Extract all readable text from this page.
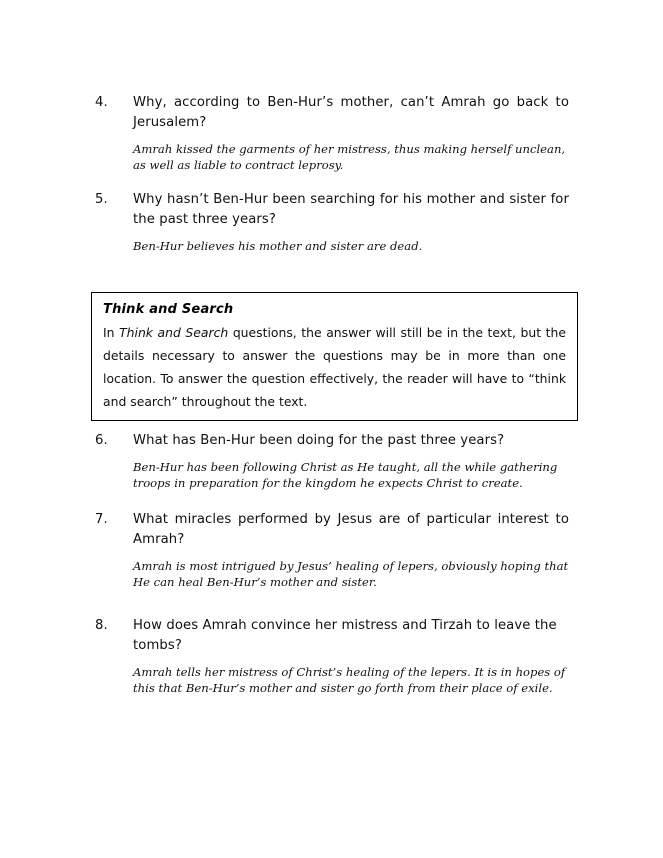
4.	Why, according to Ben-Hur’s mother, can’t Amrah go back to Jerusalem?
Amrah kissed the garments of her mistress, thus making herself unclean, as well as liable to contract leprosy.
5.	Why hasn’t Ben-Hur been searching for his mother and sister for the past three years?
Ben-Hur believes his mother and sister are dead.
Think and Search

In Think and Search questions, the answer will still be in the text, but the details necessary to answer the questions may be in more than one location. To answer the question effectively, the reader will have to “think and search” throughout the text.

6.	What has Ben-Hur been doing for the past three years?
Ben-Hur has been following Christ as He taught, all the while gathering troops in preparation for the kingdom he expects Christ to create.
7.	What miracles performed by Jesus are of particular interest to Amrah?
Amrah is most intrigued by Jesus’ healing of lepers, obviously hoping that He can heal Ben-Hur’s mother and sister.
8.	How does Amrah convince her mistress and Tirzah to leave the tombs?
Amrah tells her mistress of Christ’s healing of the lepers. It is in hopes of this that Ben-Hur’s mother and sister go forth from their place of exile.
